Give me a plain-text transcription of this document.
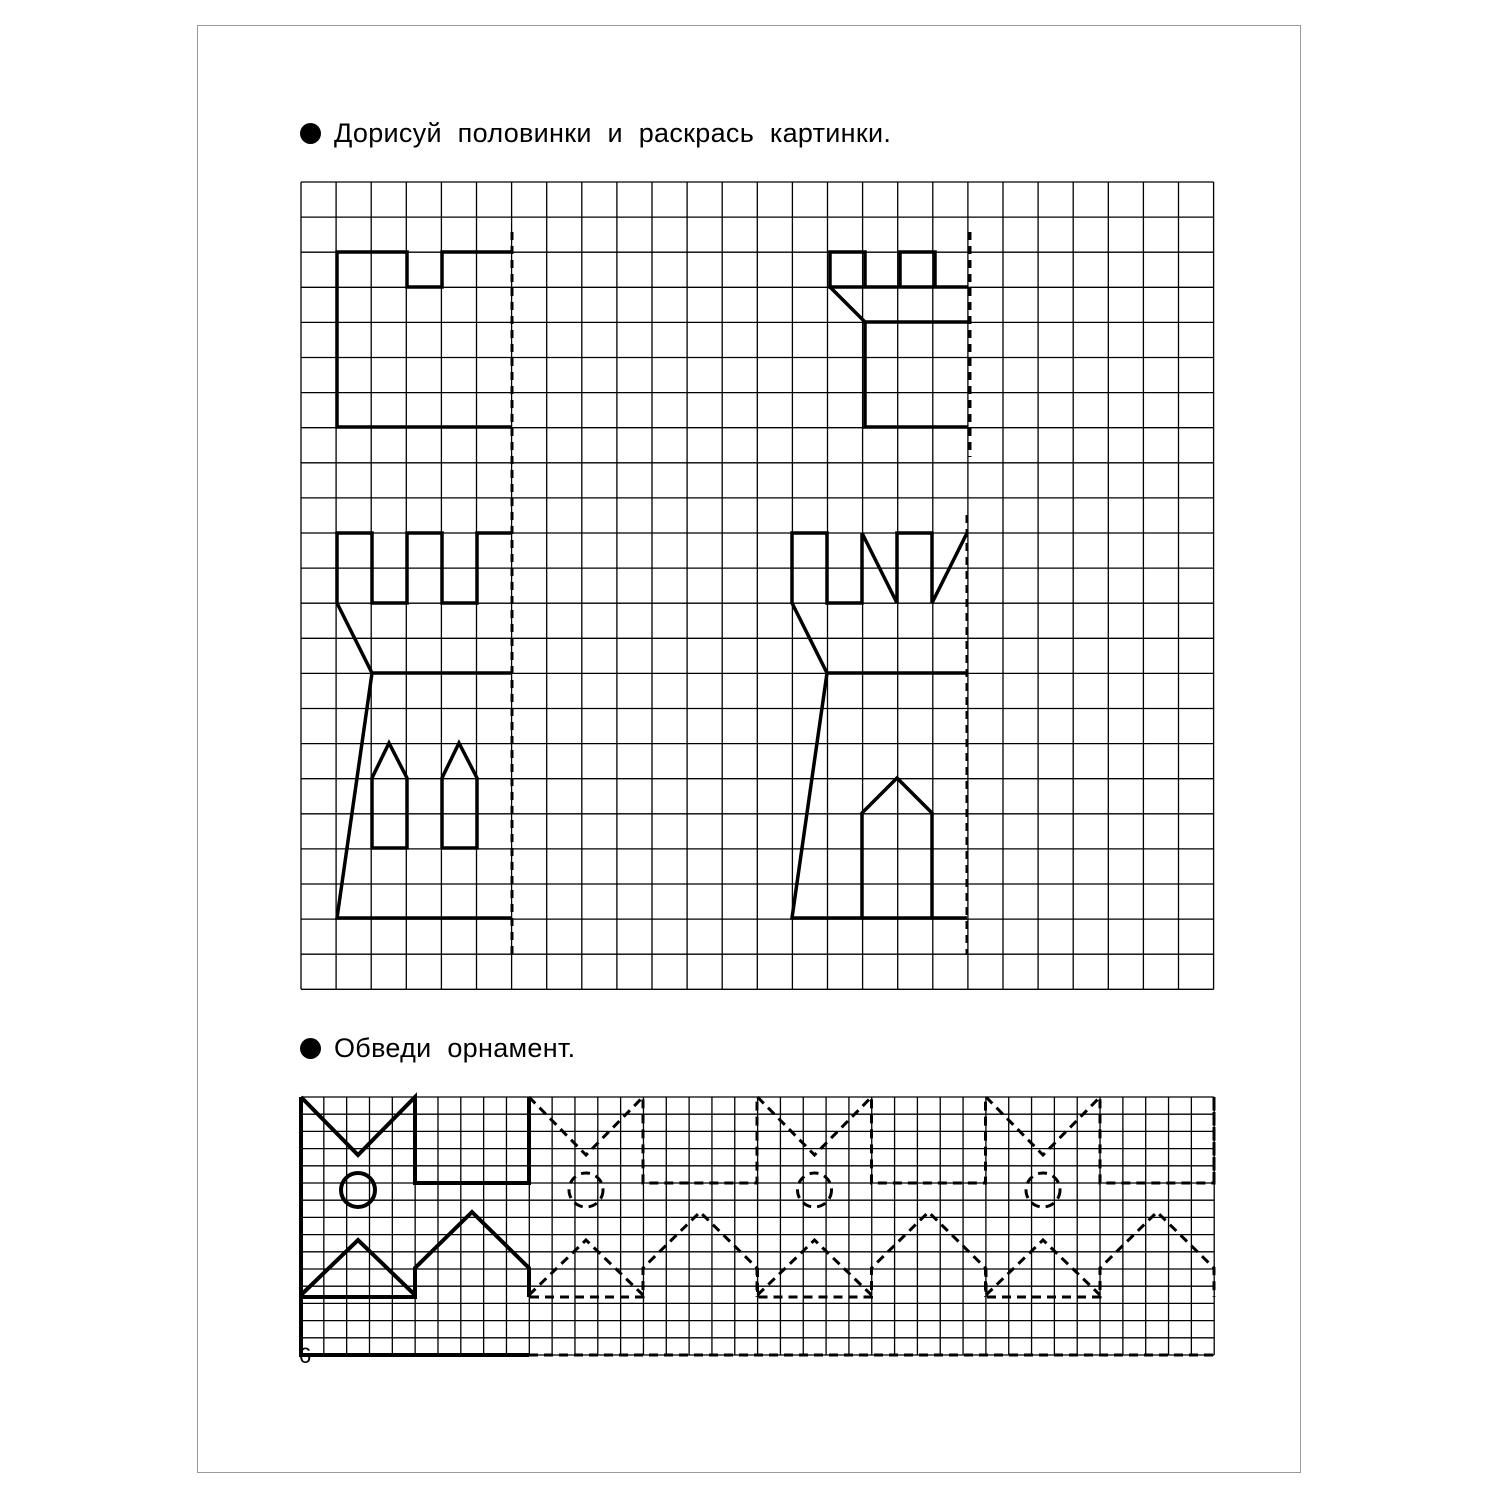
Дорисуй половинки и раскрась картинки.
Обведи орнамент.
6
